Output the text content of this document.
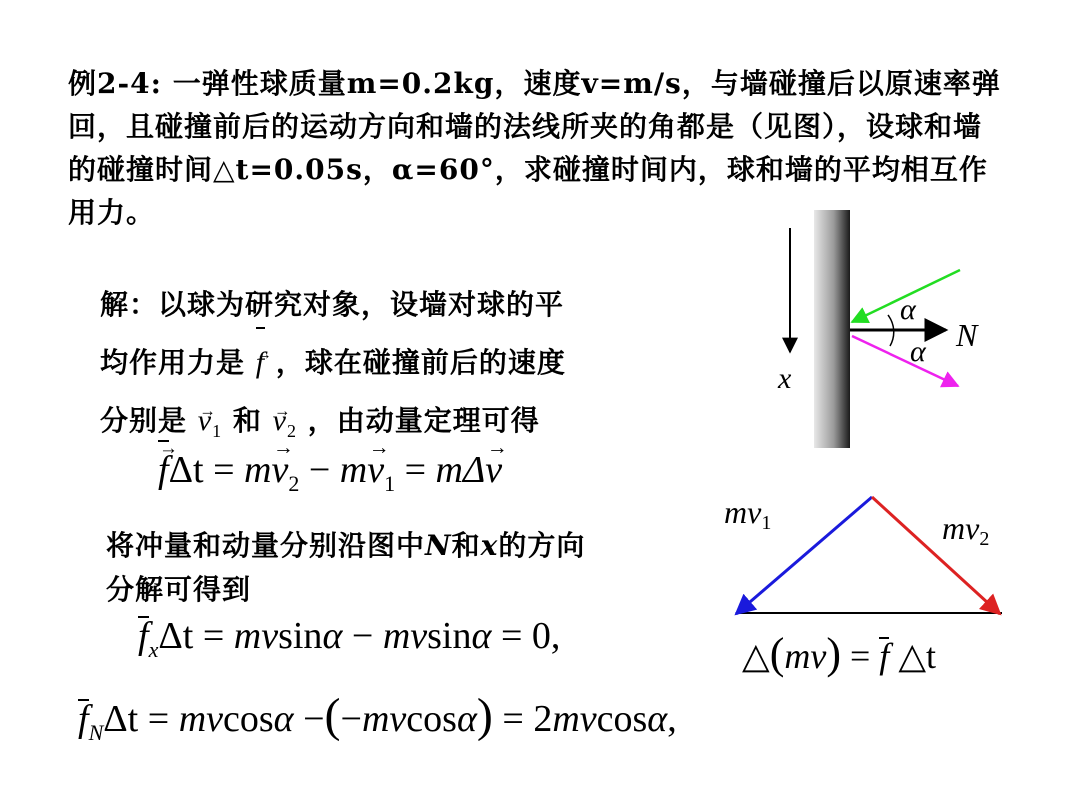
例2-4: 一弹性球质量m=0.2kg，速度v=m/s，与墙碰撞后以原速率弹回，且碰撞前后的运动方向和墙的法线所夹的角都是（见图），设球和墙的碰撞时间△t=0.05s，α=60°，求碰撞时间内，球和墙的平均相互作用力。
解：以球为研究对象，设墙对球的平
均作用力是 f → ，球在碰撞前后的速度
分别是 → $v_1$ 和 → $v_2$ ，由动量定理可得
$f \to\Delta t = m\to v_2 - m\to v_1 = m\Delta\to v$
将冲量和动量分别沿图中N和x的方向
分解可得到
$f_x\Delta t = mvsin\alpha - mvsin\alpha = 0$,
$f_N\Delta t = mvcos\alpha -(-mvcos\alpha) = 2mvcos\alpha$,
α
α N
x
mv1	mv2
△(mv) = f △t
